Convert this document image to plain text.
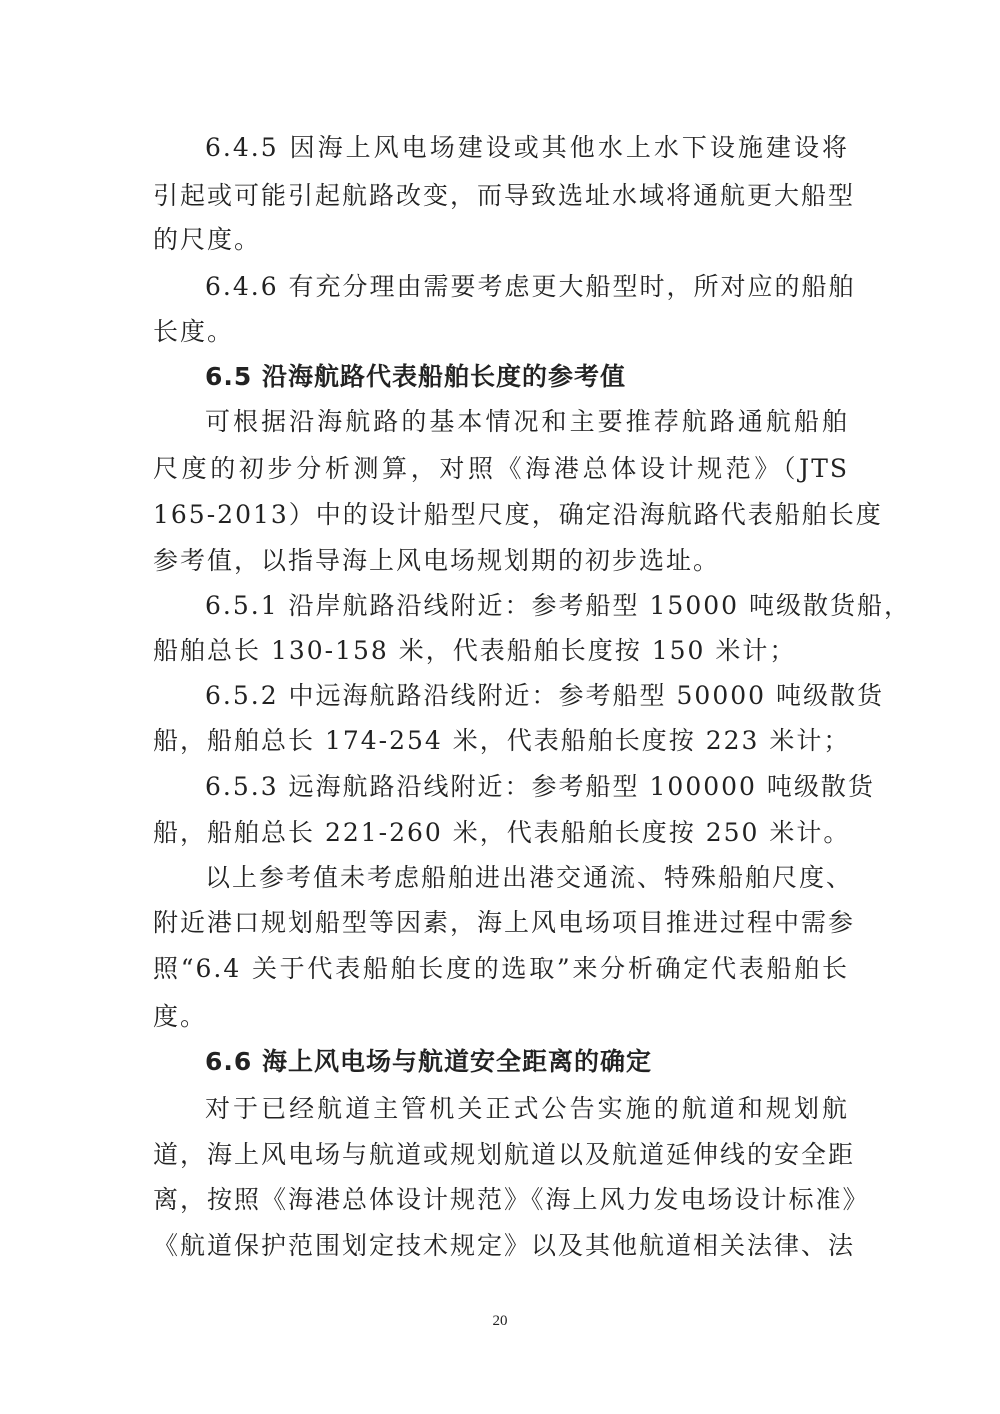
6.4.5 因海上风电场建设或其他水上水下设施建设将

引起或可能引起航路改变，而导致选址水域将通航更大船型

的尺度。

6.4.6 有充分理由需要考虑更大船型时，所对应的船舶

长度。

6.5 沿海航路代表船舶长度的参考值

可根据沿海航路的基本情况和主要推荐航路通航船舶

尺度的初步分析测算，对照《海港总体设计规范》（JTS

165-2013）中的设计船型尺度，确定沿海航路代表船舶长度

参考值，以指导海上风电场规划期的初步选址。

6.5.1 沿岸航路沿线附近：参考船型 15000 吨级散货船，

船舶总长 130-158 米，代表船舶长度按 150 米计；

6.5.2 中远海航路沿线附近：参考船型 50000 吨级散货

船，船舶总长 174-254 米，代表船舶长度按 223 米计；

6.5.3 远海航路沿线附近：参考船型 100000 吨级散货

船，船舶总长 221-260 米，代表船舶长度按 250 米计。

以上参考值未考虑船舶进出港交通流、特殊船舶尺度、

附近港口规划船型等因素，海上风电场项目推进过程中需参

照“6.4 关于代表船舶长度的选取”来分析确定代表船舶长

度。

6.6 海上风电场与航道安全距离的确定

对于已经航道主管机关正式公告实施的航道和规划航

道，海上风电场与航道或规划航道以及航道延伸线的安全距

离，按照《海港总体设计规范》《海上风力发电场设计标准》

《航道保护范围划定技术规定》以及其他航道相关法律、法

20
